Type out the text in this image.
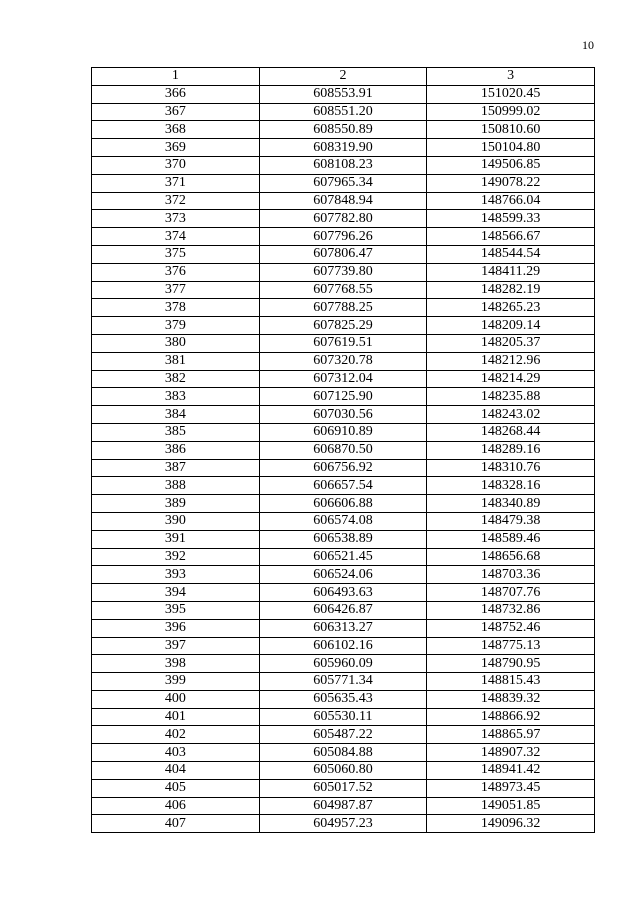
10
1	2	3
366	608553.91	151020.45
367	608551.20	150999.02
368	608550.89	150810.60
369	608319.90	150104.80
370	608108.23	149506.85
371	607965.34	149078.22
372	607848.94	148766.04
373	607782.80	148599.33
374	607796.26	148566.67
375	607806.47	148544.54
376	607739.80	148411.29
377	607768.55	148282.19
378	607788.25	148265.23
379	607825.29	148209.14
380	607619.51	148205.37
381	607320.78	148212.96
382	607312.04	148214.29
383	607125.90	148235.88
384	607030.56	148243.02
385	606910.89	148268.44
386	606870.50	148289.16
387	606756.92	148310.76
388	606657.54	148328.16
389	606606.88	148340.89
390	606574.08	148479.38
391	606538.89	148589.46
392	606521.45	148656.68
393	606524.06	148703.36
394	606493.63	148707.76
395	606426.87	148732.86
396	606313.27	148752.46
397	606102.16	148775.13
398	605960.09	148790.95
399	605771.34	148815.43
400	605635.43	148839.32
401	605530.11	148866.92
402	605487.22	148865.97
403	605084.88	148907.32
404	605060.80	148941.42
405	605017.52	148973.45
406	604987.87	149051.85
407	604957.23	149096.32
